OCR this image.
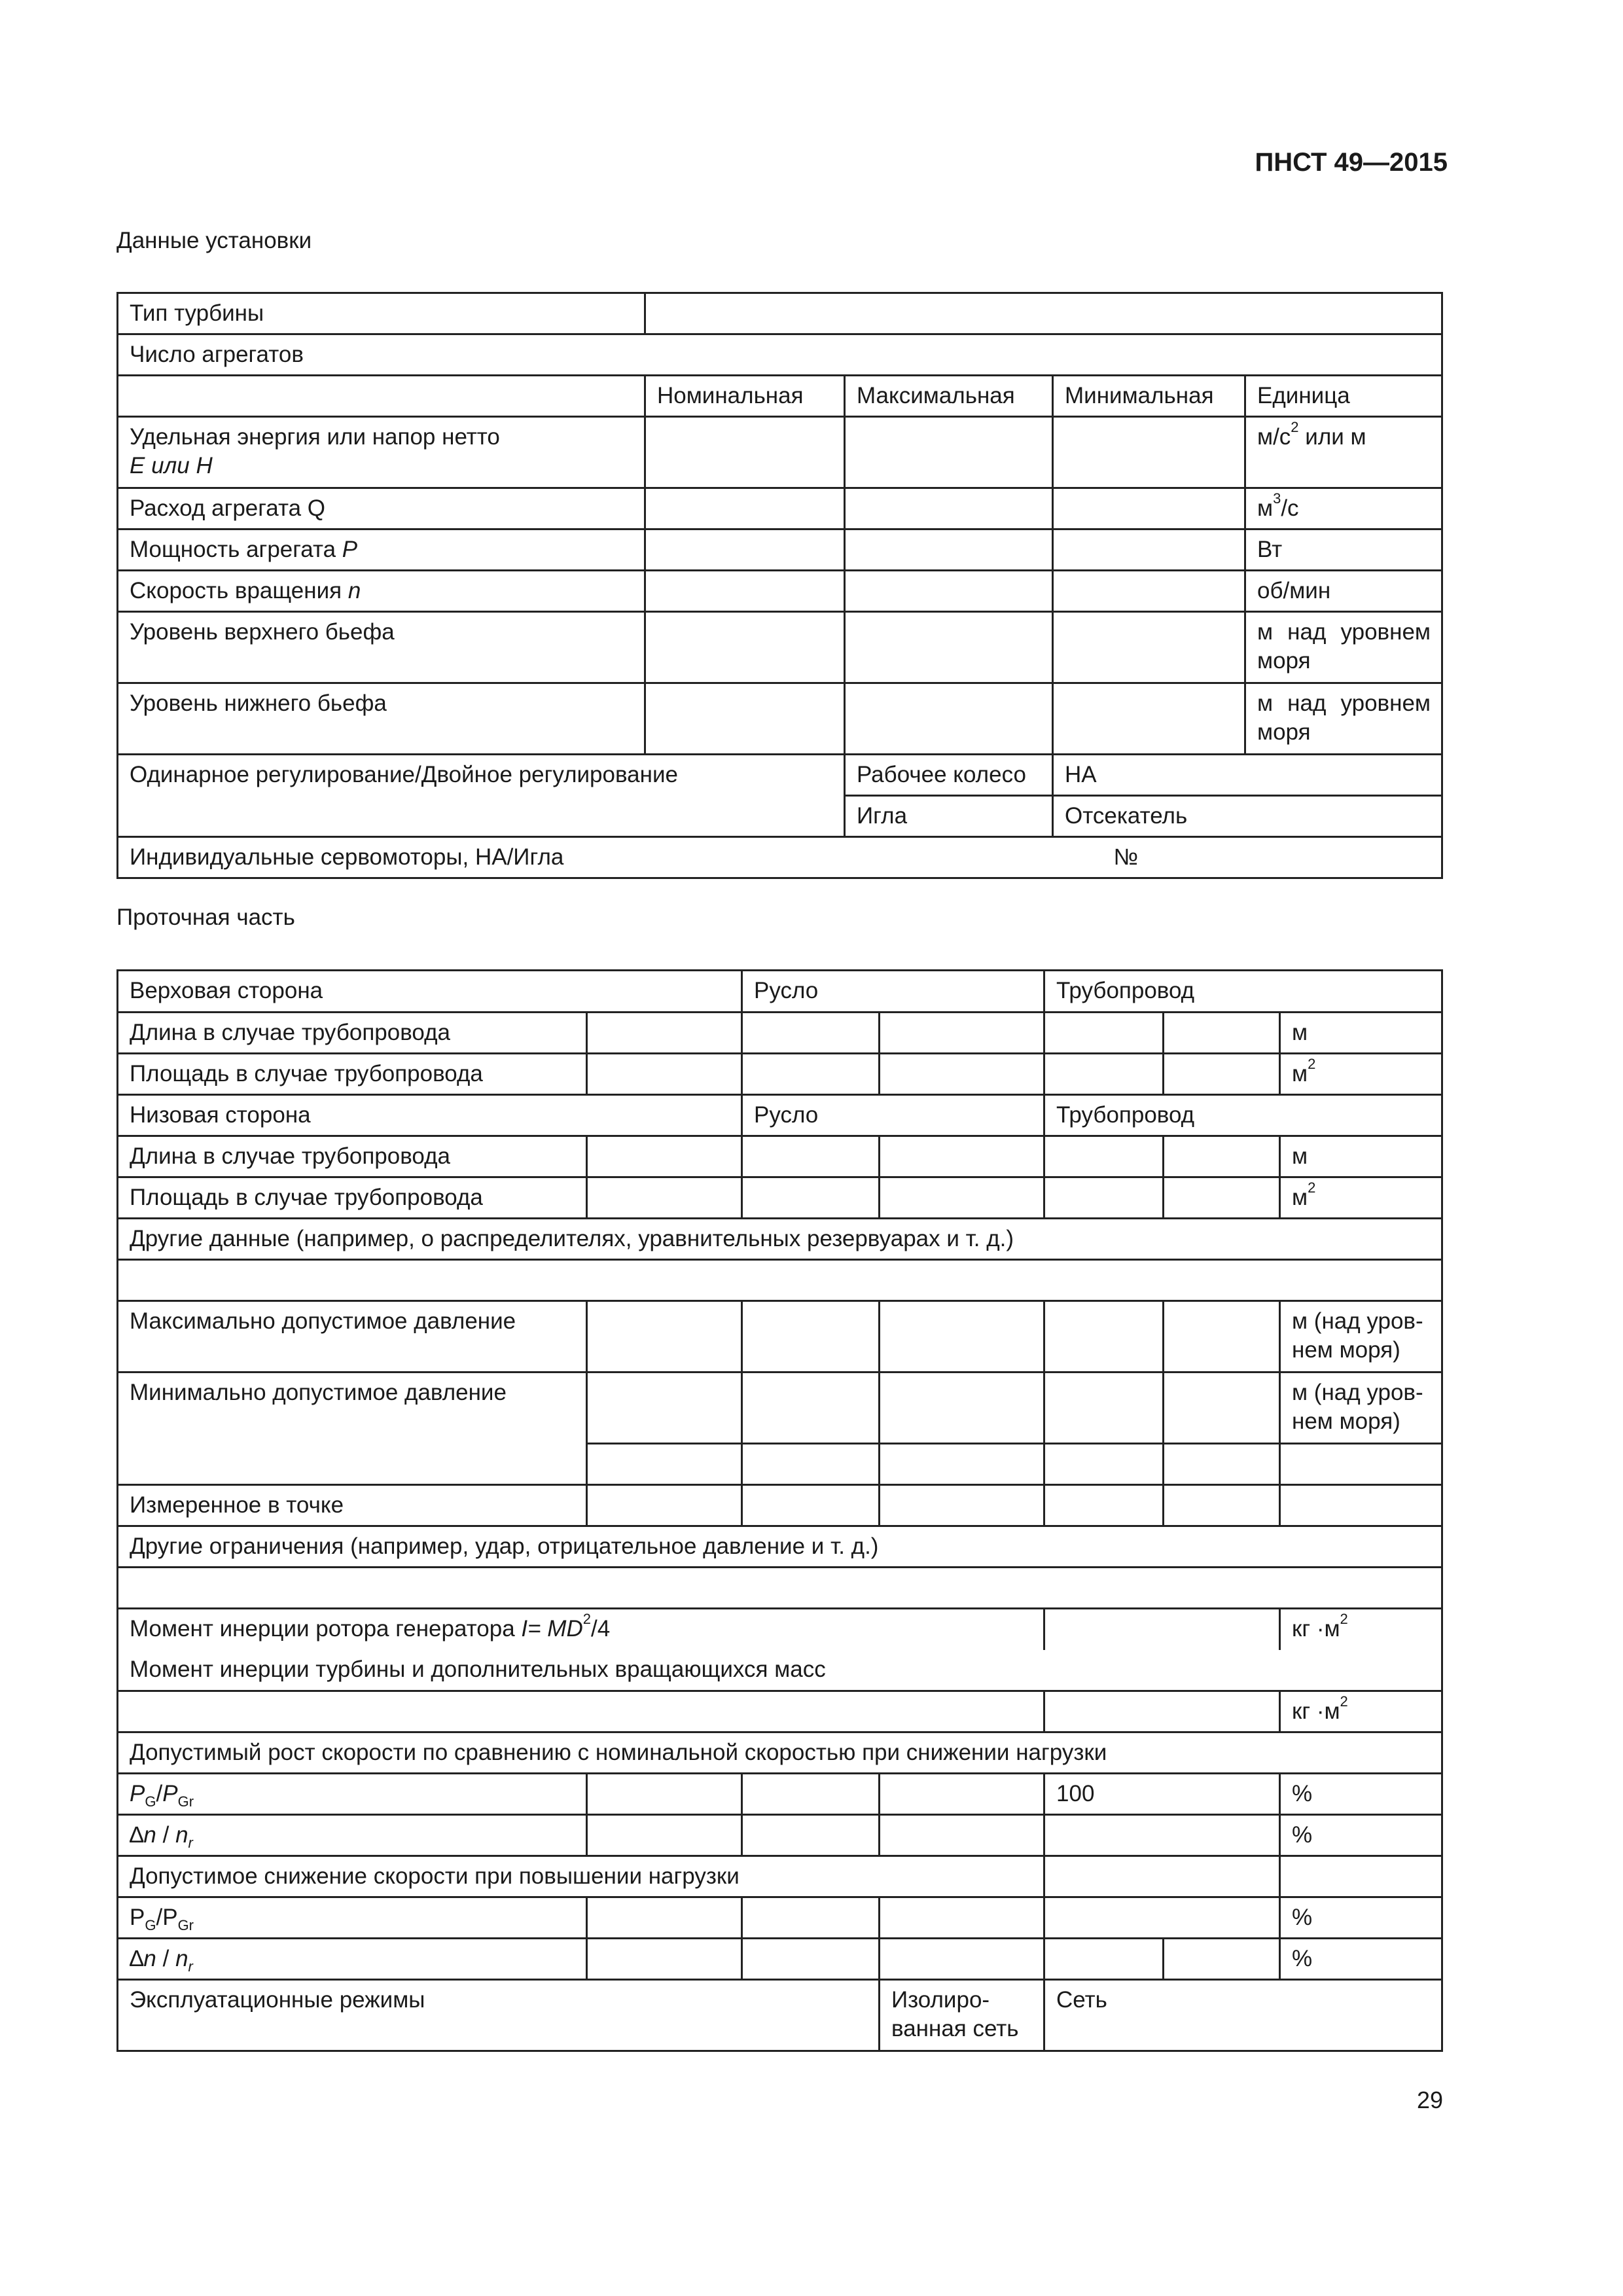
ПНСТ 49—2015
Данные установки
Тип турбины				
Число агрегатов				
	Номинальная	Максимальная	Минимальная	Единица
Удельная энергия или напор нетто
E или H				$м/с^2$ или м
Расход агрегата Q				$м^3/с$
Мощность агрегата P				Вт
Скорость вращения n				об/мин
Уровень верхнего бьефа				м над уровнем моря
Уровень нижнего бьефа				м над уровнем моря
Одинарное регулирование/Двойное регулирование		Рабочее колесо	НА	
		Игла	Отсекатель	
Индивидуальные сервомоторы, НА/Игла			№	
Проточная часть
Верховая сторона		Русло		Трубопровод		
Длина в случае трубопровода						м
Площадь в случае трубопровода						$м^2$
Низовая сторона		Русло		Трубопровод		
Длина в случае трубопровода						м
Площадь в случае трубопровода						$м^2$
Другие данные (например, о распределителях, уравнительных резервуарах и т. д.)						

Максимально допустимое давление						м (над уров-нем моря)
Минимально допустимое давление						м (над уров-нем моря)

Измеренное в точке						
Другие ограничения (например, удар, отрицательное давление и т. д.)						

Момент инерции ротора генератора $I= MD^2/4$						кг $\cdot м^2$
Момент инерции турбины и дополнительных вращающихся масс						
						кг $\cdot м^2$
Допустимый рост скорости по сравнению с номинальной скоростью при снижении нагрузки						
$P_G/P_{Gr}$				100		%
$\Delta n / n_r$						%
Допустимое снижение скорости при повышении нагрузки						
$P_G/P_{Gr}$						%
$\Delta n / n_r$						%
Эксплуатационные режимы			Изолиро-ванная сеть	Сеть		
29
